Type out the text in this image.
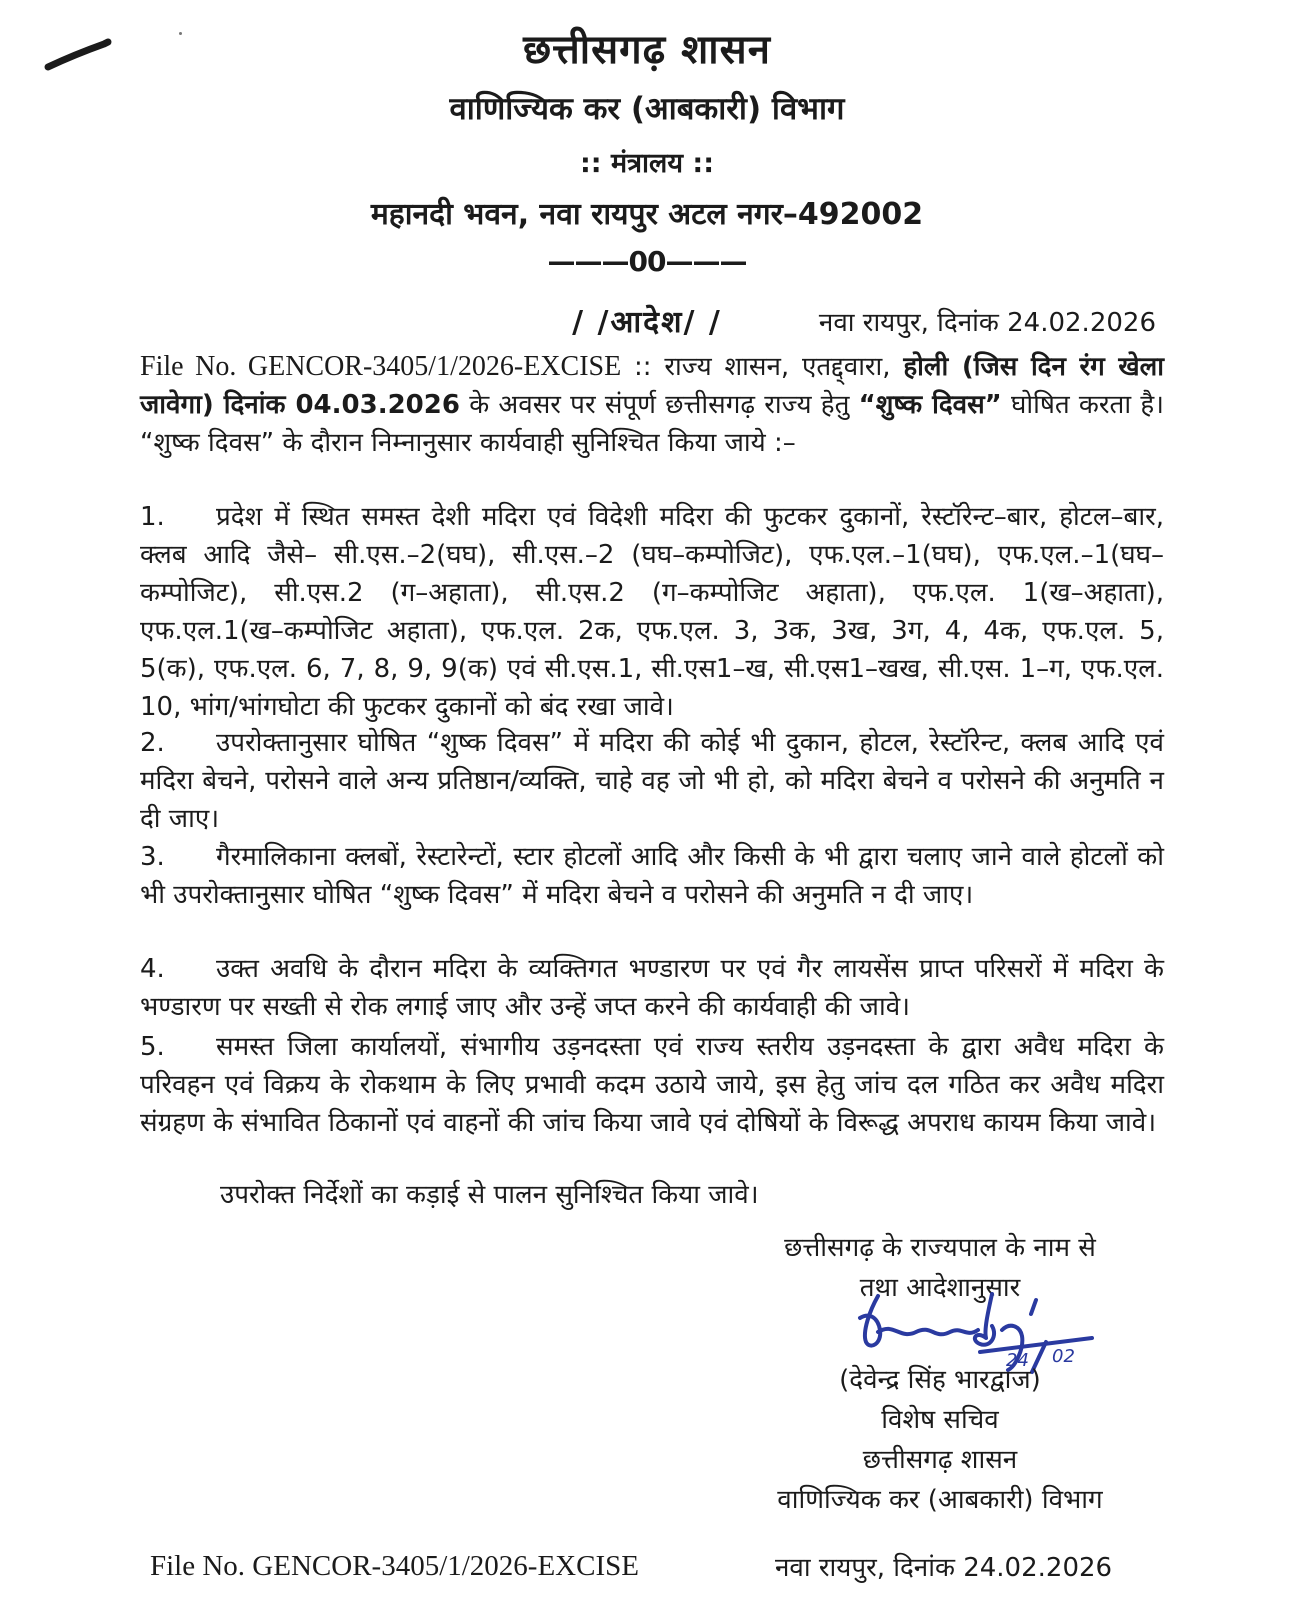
छत्तीसगढ़ शासन
वाणिज्यिक कर (आबकारी) विभाग
:: मंत्रालय ::
महानदी भवन, नवा रायपुर अटल नगर–492002
———00———
/ /आदेश/ /	नवा रायपुर, दिनांक 24.02.2026
File No. GENCOR-3405/1/2026-EXCISE :: राज्य शासन, एतद्द्वारा, होली (जिस दिन रंग खेला जावेगा) दिनांक 04.03.2026 के अवसर पर संपूर्ण छत्तीसगढ़ राज्य हेतु “शुष्क दिवस” घोषित करता है। “शुष्क दिवस” के दौरान निम्नानुसार कार्यवाही सुनिश्चित किया जाये :–
1. प्रदेश में स्थित समस्त देशी मदिरा एवं विदेशी मदिरा की फुटकर दुकानों, रेस्टॉरेन्ट–बार, होटल–बार, क्लब आदि जैसे– सी.एस.–2(घघ), सी.एस.–2 (घघ–कम्पोजिट), एफ.एल.–1(घघ), एफ.एल.–1(घघ–कम्पोजिट), सी.एस.2 (ग–अहाता), सी.एस.2 (ग–कम्पोजिट अहाता), एफ.एल. 1(ख–अहाता), एफ.एल.1(ख–कम्पोजिट अहाता), एफ.एल. 2क, एफ.एल. 3, 3क, 3ख, 3ग, 4, 4क, एफ.एल. 5, 5(क), एफ.एल. 6, 7, 8, 9, 9(क) एवं सी.एस.1, सी.एस1–ख, सी.एस1–खख, सी.एस. 1–ग, एफ.एल. 10, भांग/भांगघोटा की फुटकर दुकानों को बंद रखा जावे।
2. उपरोक्तानुसार घोषित “शुष्क दिवस” में मदिरा की कोई भी दुकान, होटल, रेस्टॉरेन्ट, क्लब आदि एवं मदिरा बेचने, परोसने वाले अन्य प्रतिष्ठान/व्यक्ति, चाहे वह जो भी हो, को मदिरा बेचने व परोसने की अनुमति न दी जाए।
3. गैरमालिकाना क्लबों, रेस्टारेन्टों, स्टार होटलों आदि और किसी के भी द्वारा चलाए जाने वाले होटलों को भी उपरोक्तानुसार घोषित “शुष्क दिवस” में मदिरा बेचने व परोसने की अनुमति न दी जाए।
4. उक्त अवधि के दौरान मदिरा के व्यक्तिगत भण्डारण पर एवं गैर लायसेंस प्राप्त परिसरों में मदिरा के भण्डारण पर सख्ती से रोक लगाई जाए और उन्हें जप्त करने की कार्यवाही की जावे।
5. समस्त जिला कार्यालयों, संभागीय उड़नदस्ता एवं राज्य स्तरीय उड़नदस्ता के द्वारा अवैध मदिरा के परिवहन एवं विक्रय के रोकथाम के लिए प्रभावी कदम उठाये जाये, इस हेतु जांच दल गठित कर अवैध मदिरा संग्रहण के संभावित ठिकानों एवं वाहनों की जांच किया जावे एवं दोषियों के विरूद्ध अपराध कायम किया जावे।
उपरोक्त निर्देशों का कड़ाई से पालन सुनिश्चित किया जावे।
छत्तीसगढ़ के राज्यपाल के नाम से
तथा आदेशानुसार
24 02
(देवेन्द्र सिंह भारद्वाज)
विशेष सचिव
छत्तीसगढ़ शासन
वाणिज्यिक कर (आबकारी) विभाग
File No. GENCOR-3405/1/2026-EXCISE	नवा रायपुर, दिनांक 24.02.2026
